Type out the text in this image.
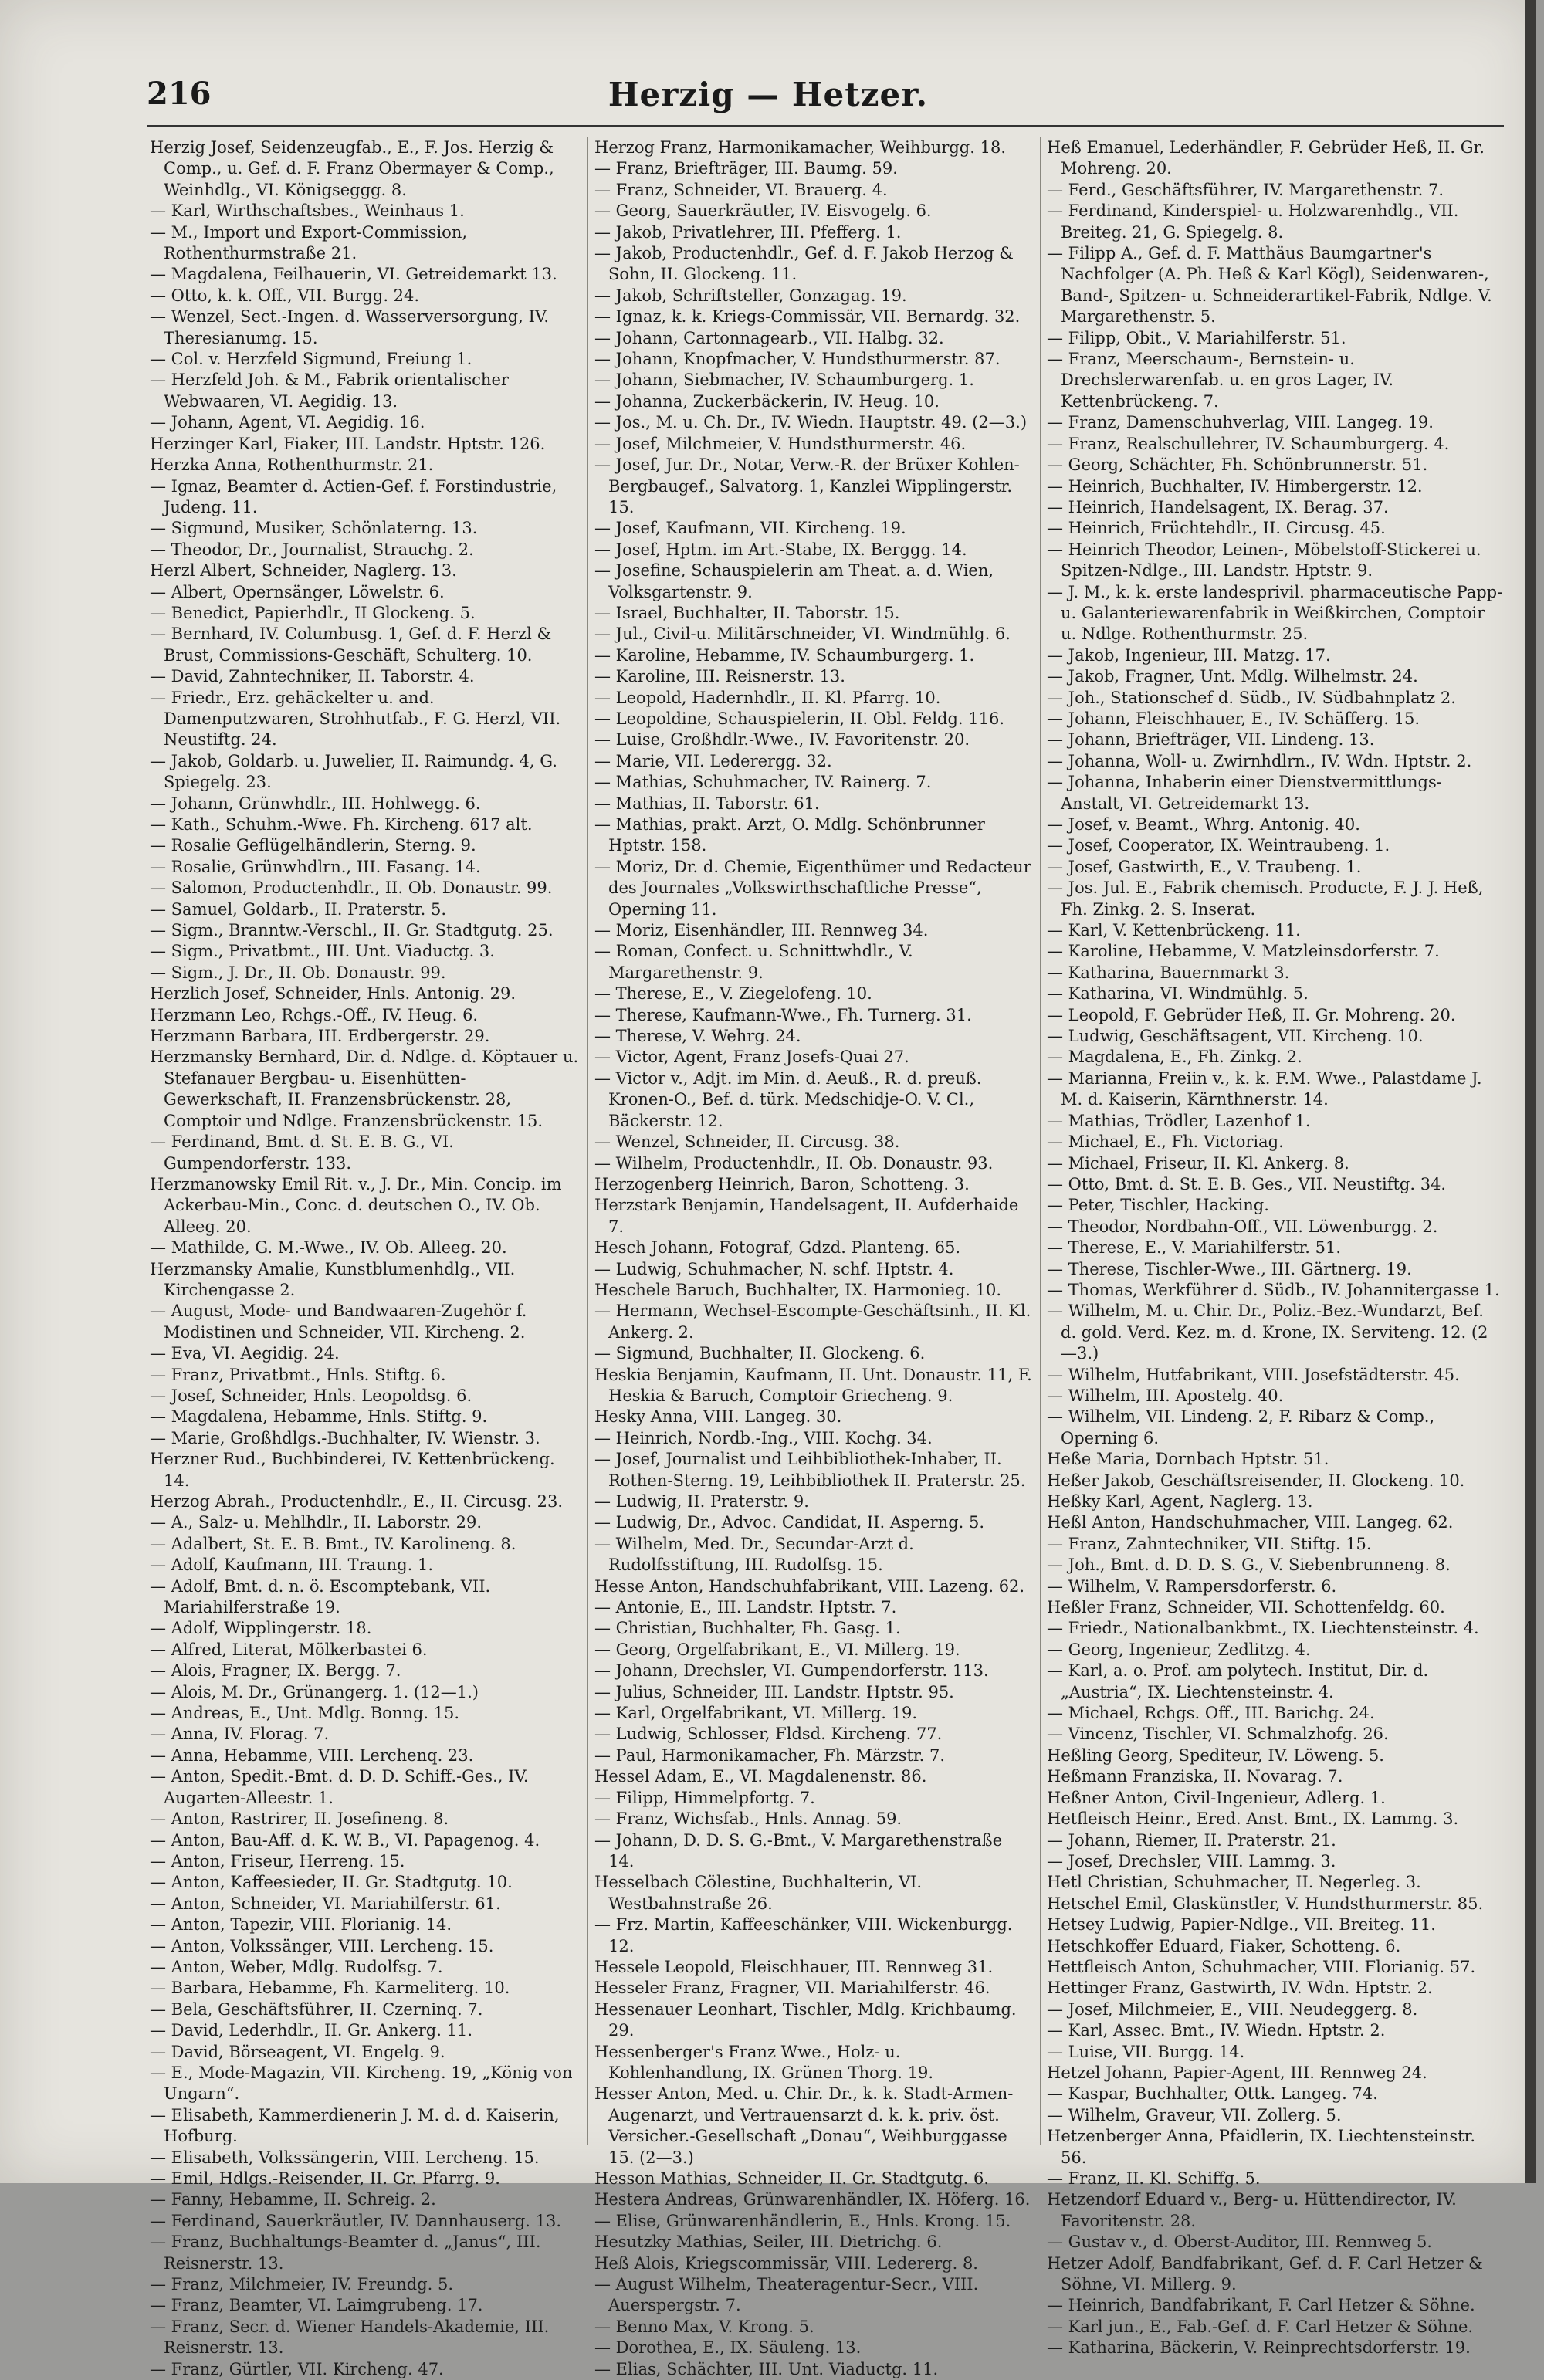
Herzig — Hetzer.
216
Herzig Josef, Seidenzeugfab., E., F. Jos. Herzig & Comp., u. Gef. d. F. Franz Obermayer & Comp., Weinhdlg., VI. Königseggg. 8.
— Karl, Wirthschaftsbes., Weinhaus 1.
— M., Import und Export-Commission, Rothenthurmstraße 21.
— Magdalena, Feilhauerin, VI. Getreidemarkt 13.
— Otto, k. k. Off., VII. Burgg. 24.
— Wenzel, Sect.-Ingen. d. Wasserversorgung, IV. Theresianumg. 15.
— Col. v. Herzfeld Sigmund, Freiung 1.
— Herzfeld Joh. & M., Fabrik orientalischer Webwaaren, VI. Aegidig. 13.
— Johann, Agent, VI. Aegidig. 16.
Herzinger Karl, Fiaker, III. Landstr. Hptstr. 126.
Herzka Anna, Rothenthurmstr. 21.
— Ignaz, Beamter d. Actien-Gef. f. Forstindustrie, Judeng. 11.
— Sigmund, Musiker, Schönlaterng. 13.
— Theodor, Dr., Journalist, Strauchg. 2.
Herzl Albert, Schneider, Naglerg. 13.
— Albert, Opernsänger, Löwelstr. 6.
— Benedict, Papierhdlr., II Glockeng. 5.
— Bernhard, IV. Columbusg. 1, Gef. d. F. Herzl & Brust, Commissions-Geschäft, Schulterg. 10.
— David, Zahntechniker, II. Taborstr. 4.
— Friedr., Erz. gehäckelter u. and. Damenputzwaren, Strohhutfab., F. G. Herzl, VII. Neustiftg. 24.
— Jakob, Goldarb. u. Juwelier, II. Raimundg. 4, G. Spiegelg. 23.
— Johann, Grünwhdlr., III. Hohlwegg. 6.
— Kath., Schuhm.-Wwe. Fh. Kircheng. 617 alt.
— Rosalie Geflügelhändlerin, Sterng. 9.
— Rosalie, Grünwhdlrn., III. Fasang. 14.
— Salomon, Productenhdlr., II. Ob. Donaustr. 99.
— Samuel, Goldarb., II. Praterstr. 5.
— Sigm., Branntw.-Verschl., II. Gr. Stadtgutg. 25.
— Sigm., Privatbmt., III. Unt. Viaductg. 3.
— Sigm., J. Dr., II. Ob. Donaustr. 99.
Herzlich Josef, Schneider, Hnls. Antonig. 29.
Herzmann Leo, Rchgs.-Off., IV. Heug. 6.
Herzmann Barbara, III. Erdbergerstr. 29.
Herzmansky Bernhard, Dir. d. Ndlge. d. Köptauer u. Stefanauer Bergbau- u. Eisenhütten-Gewerkschaft, II. Franzensbrückenstr. 28, Comptoir und Ndlge. Franzensbrückenstr. 15.
— Ferdinand, Bmt. d. St. E. B. G., VI. Gumpendorferstr. 133.
Herzmanowsky Emil Rit. v., J. Dr., Min. Concip. im Ackerbau-Min., Conc. d. deutschen O., IV. Ob. Alleeg. 20.
— Mathilde, G. M.-Wwe., IV. Ob. Alleeg. 20.
Herzmansky Amalie, Kunstblumenhdlg., VII. Kirchengasse 2.
— August, Mode- und Bandwaaren-Zugehör f. Modistinen und Schneider, VII. Kircheng. 2.
— Eva, VI. Aegidig. 24.
— Franz, Privatbmt., Hnls. Stiftg. 6.
— Josef, Schneider, Hnls. Leopoldsg. 6.
— Magdalena, Hebamme, Hnls. Stiftg. 9.
— Marie, Großhdlgs.-Buchhalter, IV. Wienstr. 3.
Herzner Rud., Buchbinderei, IV. Kettenbrückeng. 14.
Herzog Abrah., Productenhdlr., E., II. Circusg. 23.
— A., Salz- u. Mehlhdlr., II. Laborstr. 29.
— Adalbert, St. E. B. Bmt., IV. Karolineng. 8.
— Adolf, Kaufmann, III. Traung. 1.
— Adolf, Bmt. d. n. ö. Escomptebank, VII. Mariahilferstraße 19.
— Adolf, Wipplingerstr. 18.
— Alfred, Literat, Mölkerbastei 6.
— Alois, Fragner, IX. Bergg. 7.
— Alois, M. Dr., Grünangerg. 1. (12—1.)
— Andreas, E., Unt. Mdlg. Bonng. 15.
— Anna, IV. Florag. 7.
— Anna, Hebamme, VIII. Lerchenq. 23.
— Anton, Spedit.-Bmt. d. D. D. Schiff.-Ges., IV. Augarten-Alleestr. 1.
— Anton, Rastrirer, II. Josefineng. 8.
— Anton, Bau-Aff. d. K. W. B., VI. Papagenog. 4.
— Anton, Friseur, Herreng. 15.
— Anton, Kaffeesieder, II. Gr. Stadtgutg. 10.
— Anton, Schneider, VI. Mariahilferstr. 61.
— Anton, Tapezir, VIII. Florianig. 14.
— Anton, Volkssänger, VIII. Lercheng. 15.
— Anton, Weber, Mdlg. Rudolfsg. 7.
— Barbara, Hebamme, Fh. Karmeliterg. 10.
— Bela, Geschäftsführer, II. Czerninq. 7.
— David, Lederhdlr., II. Gr. Ankerg. 11.
— David, Börseagent, VI. Engelg. 9.
— E., Mode-Magazin, VII. Kircheng. 19, „König von Ungarn“.
— Elisabeth, Kammerdienerin J. M. d. d. Kaiserin, Hofburg.
— Elisabeth, Volkssängerin, VIII. Lercheng. 15.
— Emil, Hdlgs.-Reisender, II. Gr. Pfarrg. 9.
— Fanny, Hebamme, II. Schreig. 2.
— Ferdinand, Sauerkräutler, IV. Dannhauserg. 13.
— Franz, Buchhaltungs-Beamter d. „Janus“, III. Reisnerstr. 13.
— Franz, Milchmeier, IV. Freundg. 5.
— Franz, Beamter, VI. Laimgrubeng. 17.
— Franz, Secr. d. Wiener Handels-Akademie, III. Reisnerstr. 13.
— Franz, Gürtler, VII. Kircheng. 47.
Herzog Franz, Harmonikamacher, Weihburgg. 18.
— Franz, Briefträger, III. Baumg. 59.
— Franz, Schneider, VI. Brauerg. 4.
— Georg, Sauerkräutler, IV. Eisvogelg. 6.
— Jakob, Privatlehrer, III. Pfefferg. 1.
— Jakob, Productenhdlr., Gef. d. F. Jakob Herzog & Sohn, II. Glockeng. 11.
— Jakob, Schriftsteller, Gonzagag. 19.
— Ignaz, k. k. Kriegs-Commissär, VII. Bernardg. 32.
— Johann, Cartonnagearb., VII. Halbg. 32.
— Johann, Knopfmacher, V. Hundsthurmerstr. 87.
— Johann, Siebmacher, IV. Schaumburgerg. 1.
— Johanna, Zuckerbäckerin, IV. Heug. 10.
— Jos., M. u. Ch. Dr., IV. Wiedn. Hauptstr. 49. (2—3.)
— Josef, Milchmeier, V. Hundsthurmerstr. 46.
— Josef, Jur. Dr., Notar, Verw.-R. der Brüxer Kohlen-Bergbaugef., Salvatorg. 1, Kanzlei Wipplingerstr. 15.
— Josef, Kaufmann, VII. Kircheng. 19.
— Josef, Hptm. im Art.-Stabe, IX. Berggg. 14.
— Josefine, Schauspielerin am Theat. a. d. Wien, Volksgartenstr. 9.
— Israel, Buchhalter, II. Taborstr. 15.
— Jul., Civil-u. Militärschneider, VI. Windmühlg. 6.
— Karoline, Hebamme, IV. Schaumburgerg. 1.
— Karoline, III. Reisnerstr. 13.
— Leopold, Hadernhdlr., II. Kl. Pfarrg. 10.
— Leopoldine, Schauspielerin, II. Obl. Feldg. 116.
— Luise, Großhdlr.-Wwe., IV. Favoritenstr. 20.
— Marie, VII. Lederergg. 32.
— Mathias, Schuhmacher, IV. Rainerg. 7.
— Mathias, II. Taborstr. 61.
— Mathias, prakt. Arzt, O. Mdlg. Schönbrunner Hptstr. 158.
— Moriz, Dr. d. Chemie, Eigenthümer und Redacteur des Journales „Volkswirthschaftliche Presse“, Operning 11.
— Moriz, Eisenhändler, III. Rennweg 34.
— Roman, Confect. u. Schnittwhdlr., V. Margarethenstr. 9.
— Therese, E., V. Ziegelofeng. 10.
— Therese, Kaufmann-Wwe., Fh. Turnerg. 31.
— Therese, V. Wehrg. 24.
— Victor, Agent, Franz Josefs-Quai 27.
— Victor v., Adjt. im Min. d. Aeuß., R. d. preuß. Kronen-O., Bef. d. türk. Medschidje-O. V. Cl., Bäckerstr. 12.
— Wenzel, Schneider, II. Circusg. 38.
— Wilhelm, Productenhdlr., II. Ob. Donaustr. 93.
Herzogenberg Heinrich, Baron, Schotteng. 3.
Herzstark Benjamin, Handelsagent, II. Aufderhaide 7.
Hesch Johann, Fotograf, Gdzd. Planteng. 65.
— Ludwig, Schuhmacher, N. schf. Hptstr. 4.
Heschele Baruch, Buchhalter, IX. Harmonieg. 10.
— Hermann, Wechsel-Escompte-Geschäftsinh., II. Kl. Ankerg. 2.
— Sigmund, Buchhalter, II. Glockeng. 6.
Heskia Benjamin, Kaufmann, II. Unt. Donaustr. 11, F. Heskia & Baruch, Comptoir Griecheng. 9.
Hesky Anna, VIII. Langeg. 30.
— Heinrich, Nordb.-Ing., VIII. Kochg. 34.
— Josef, Journalist und Leihbibliothek-Inhaber, II. Rothen-Sterng. 19, Leihbibliothek II. Praterstr. 25.
— Ludwig, II. Praterstr. 9.
— Ludwig, Dr., Advoc. Candidat, II. Asperng. 5.
— Wilhelm, Med. Dr., Secundar-Arzt d. Rudolfsstiftung, III. Rudolfsg. 15.
Hesse Anton, Handschuhfabrikant, VIII. Lazeng. 62.
— Antonie, E., III. Landstr. Hptstr. 7.
— Christian, Buchhalter, Fh. Gasg. 1.
— Georg, Orgelfabrikant, E., VI. Millerg. 19.
— Johann, Drechsler, VI. Gumpendorferstr. 113.
— Julius, Schneider, III. Landstr. Hptstr. 95.
— Karl, Orgelfabrikant, VI. Millerg. 19.
— Ludwig, Schlosser, Fldsd. Kircheng. 77.
— Paul, Harmonikamacher, Fh. Märzstr. 7.
Hessel Adam, E., VI. Magdalenenstr. 86.
— Filipp, Himmelpfortg. 7.
— Franz, Wichsfab., Hnls. Annag. 59.
— Johann, D. D. S. G.-Bmt., V. Margarethenstraße 14.
Hesselbach Cölestine, Buchhalterin, VI. Westbahnstraße 26.
— Frz. Martin, Kaffeeschänker, VIII. Wickenburgg. 12.
Hessele Leopold, Fleischhauer, III. Rennweg 31.
Hesseler Franz, Fragner, VII. Mariahilferstr. 46.
Hessenauer Leonhart, Tischler, Mdlg. Krichbaumg. 29.
Hessenberger's Franz Wwe., Holz- u. Kohlenhandlung, IX. Grünen Thorg. 19.
Hesser Anton, Med. u. Chir. Dr., k. k. Stadt-Armen-Augenarzt, und Vertrauensarzt d. k. k. priv. öst. Versicher.-Gesellschaft „Donau“, Weihburggasse 15. (2—3.)
Hesson Mathias, Schneider, II. Gr. Stadtgutg. 6.
Hestera Andreas, Grünwarenhändler, IX. Höferg. 16.
— Elise, Grünwarenhändlerin, E., Hnls. Krong. 15.
Hesutzky Mathias, Seiler, III. Dietrichg. 6.
Heß Alois, Kriegscommissär, VIII. Ledererg. 8.
— August Wilhelm, Theateragentur-Secr., VIII. Auerspergstr. 7.
— Benno Max, V. Krong. 5.
— Dorothea, E., IX. Säuleng. 13.
— Elias, Schächter, III. Unt. Viaductg. 11.
Heß Emanuel, Lederhändler, F. Gebrüder Heß, II. Gr. Mohreng. 20.
— Ferd., Geschäftsführer, IV. Margarethenstr. 7.
— Ferdinand, Kinderspiel- u. Holzwarenhdlg., VII. Breiteg. 21, G. Spiegelg. 8.
— Filipp A., Gef. d. F. Matthäus Baumgartner's Nachfolger (A. Ph. Heß & Karl Kögl), Seidenwaren-, Band-, Spitzen- u. Schneiderartikel-Fabrik, Ndlge. V. Margarethenstr. 5.
— Filipp, Obit., V. Mariahilferstr. 51.
— Franz, Meerschaum-, Bernstein- u. Drechslerwarenfab. u. en gros Lager, IV. Kettenbrückeng. 7.
— Franz, Damenschuhverlag, VIII. Langeg. 19.
— Franz, Realschullehrer, IV. Schaumburgerg. 4.
— Georg, Schächter, Fh. Schönbrunnerstr. 51.
— Heinrich, Buchhalter, IV. Himbergerstr. 12.
— Heinrich, Handelsagent, IX. Berag. 37.
— Heinrich, Früchtehdlr., II. Circusg. 45.
— Heinrich Theodor, Leinen-, Möbelstoff-Stickerei u. Spitzen-Ndlge., III. Landstr. Hptstr. 9.
— J. M., k. k. erste landesprivil. pharmaceutische Papp- u. Galanteriewarenfabrik in Weißkirchen, Comptoir u. Ndlge. Rothenthurmstr. 25.
— Jakob, Ingenieur, III. Matzg. 17.
— Jakob, Fragner, Unt. Mdlg. Wilhelmstr. 24.
— Joh., Stationschef d. Südb., IV. Südbahnplatz 2.
— Johann, Fleischhauer, E., IV. Schäfferg. 15.
— Johann, Briefträger, VII. Lindeng. 13.
— Johanna, Woll- u. Zwirnhdlrn., IV. Wdn. Hptstr. 2.
— Johanna, Inhaberin einer Dienstvermittlungs-Anstalt, VI. Getreidemarkt 13.
— Josef, v. Beamt., Whrg. Antonig. 40.
— Josef, Cooperator, IX. Weintraubeng. 1.
— Josef, Gastwirth, E., V. Traubeng. 1.
— Jos. Jul. E., Fabrik chemisch. Producte, F. J. J. Heß, Fh. Zinkg. 2. S. Inserat.
— Karl, V. Kettenbrückeng. 11.
— Karoline, Hebamme, V. Matzleinsdorferstr. 7.
— Katharina, Bauernmarkt 3.
— Katharina, VI. Windmühlg. 5.
— Leopold, F. Gebrüder Heß, II. Gr. Mohreng. 20.
— Ludwig, Geschäftsagent, VII. Kircheng. 10.
— Magdalena, E., Fh. Zinkg. 2.
— Marianna, Freiin v., k. k. F.M. Wwe., Palastdame J. M. d. Kaiserin, Kärnthnerstr. 14.
— Mathias, Trödler, Lazenhof 1.
— Michael, E., Fh. Victoriag.
— Michael, Friseur, II. Kl. Ankerg. 8.
— Otto, Bmt. d. St. E. B. Ges., VII. Neustiftg. 34.
— Peter, Tischler, Hacking.
— Theodor, Nordbahn-Off., VII. Löwenburgg. 2.
— Therese, E., V. Mariahilferstr. 51.
— Therese, Tischler-Wwe., III. Gärtnerg. 19.
— Thomas, Werkführer d. Südb., IV. Johannitergasse 1.
— Wilhelm, M. u. Chir. Dr., Poliz.-Bez.-Wundarzt, Bef. d. gold. Verd. Kez. m. d. Krone, IX. Serviteng. 12. (2—3.)
— Wilhelm, Hutfabrikant, VIII. Josefstädterstr. 45.
— Wilhelm, III. Apostelg. 40.
— Wilhelm, VII. Lindeng. 2, F. Ribarz & Comp., Operning 6.
Heße Maria, Dornbach Hptstr. 51.
Heßer Jakob, Geschäftsreisender, II. Glockeng. 10.
Heßky Karl, Agent, Naglerg. 13.
Heßl Anton, Handschuhmacher, VIII. Langeg. 62.
— Franz, Zahntechniker, VII. Stiftg. 15.
— Joh., Bmt. d. D. D. S. G., V. Siebenbrunneng. 8.
— Wilhelm, V. Rampersdorferstr. 6.
Heßler Franz, Schneider, VII. Schottenfeldg. 60.
— Friedr., Nationalbankbmt., IX. Liechtensteinstr. 4.
— Georg, Ingenieur, Zedlitzg. 4.
— Karl, a. o. Prof. am polytech. Institut, Dir. d. „Austria“, IX. Liechtensteinstr. 4.
— Michael, Rchgs. Off., III. Barichg. 24.
— Vincenz, Tischler, VI. Schmalzhofg. 26.
Heßling Georg, Spediteur, IV. Löweng. 5.
Heßmann Franziska, II. Novarag. 7.
Heßner Anton, Civil-Ingenieur, Adlerg. 1.
Hetfleisch Heinr., Ered. Anst. Bmt., IX. Lammg. 3.
— Johann, Riemer, II. Praterstr. 21.
— Josef, Drechsler, VIII. Lammg. 3.
Hetl Christian, Schuhmacher, II. Negerleg. 3.
Hetschel Emil, Glaskünstler, V. Hundsthurmerstr. 85.
Hetsey Ludwig, Papier-Ndlge., VII. Breiteg. 11.
Hetschkoffer Eduard, Fiaker, Schotteng. 6.
Hettfleisch Anton, Schuhmacher, VIII. Florianig. 57.
Hettinger Franz, Gastwirth, IV. Wdn. Hptstr. 2.
— Josef, Milchmeier, E., VIII. Neudeggerg. 8.
— Karl, Assec. Bmt., IV. Wiedn. Hptstr. 2.
— Luise, VII. Burgg. 14.
Hetzel Johann, Papier-Agent, III. Rennweg 24.
— Kaspar, Buchhalter, Ottk. Langeg. 74.
— Wilhelm, Graveur, VII. Zollerg. 5.
Hetzenberger Anna, Pfaidlerin, IX. Liechtensteinstr. 56.
— Franz, II. Kl. Schiffg. 5.
Hetzendorf Eduard v., Berg- u. Hüttendirector, IV. Favoritenstr. 28.
— Gustav v., d. Oberst-Auditor, III. Rennweg 5.
Hetzer Adolf, Bandfabrikant, Gef. d. F. Carl Hetzer & Söhne, VI. Millerg. 9.
— Heinrich, Bandfabrikant, F. Carl Hetzer & Söhne.
— Karl jun., E., Fab.-Gef. d. F. Carl Hetzer & Söhne.
— Katharina, Bäckerin, V. Reinprechtsdorferstr. 19.
